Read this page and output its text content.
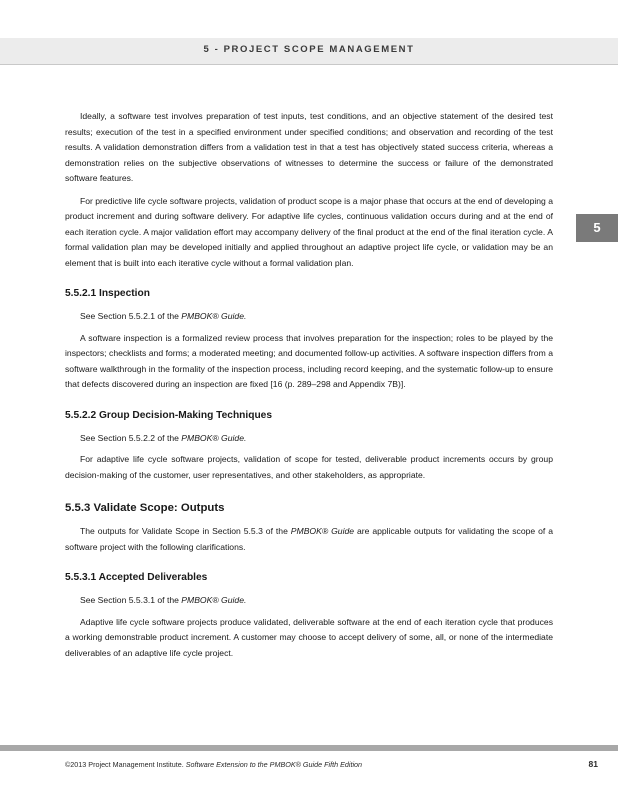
5 - PROJECT SCOPE MANAGEMENT
5

Ideally, a software test involves preparation of test inputs, test conditions, and an objective statement of the desired test results; execution of the test in a specified environment under specified conditions; and observation and recording of the test results. A validation demonstration differs from a validation test in that a test has objectively stated success criteria, whereas a demonstration relies on the subjective observations of witnesses to determine the success or failure of the demonstrated software features.

For predictive life cycle software projects, validation of product scope is a major phase that occurs at the end of developing a product increment and during software delivery. For adaptive life cycles, continuous validation occurs during and at the end of each iteration cycle. A major validation effort may accompany delivery of the final product at the end of the final iteration cycle. A formal validation plan may be developed initially and applied throughout an adaptive project life cycle, or validation may be an element that is built into each iterative cycle without a formal validation plan.

5.5.2.1 Inspection

See Section 5.5.2.1 of the PMBOK® Guide.

A software inspection is a formalized review process that involves preparation for the inspection; roles to be played by the inspectors; checklists and forms; a moderated meeting; and documented follow-up activities. A software inspection differs from a software walkthrough in the formality of the inspection process, including record keeping, and the systematic follow-up to ensure that defects discovered during an inspection are fixed [16 (p. 289–298 and Appendix 7B)].

5.5.2.2 Group Decision-Making Techniques

See Section 5.5.2.2 of the PMBOK® Guide.

For adaptive life cycle software projects, validation of scope for tested, deliverable product increments occurs by group decision-making of the customer, user representatives, and other stakeholders, as appropriate.

5.5.3 Validate Scope: Outputs

The outputs for Validate Scope in Section 5.5.3 of the PMBOK® Guide are applicable outputs for validating the scope of a software project with the following clarifications.

5.5.3.1 Accepted Deliverables

See Section 5.5.3.1 of the PMBOK® Guide.

Adaptive life cycle software projects produce validated, deliverable software at the end of each iteration cycle that produces a working demonstrable product increment. A customer may choose to accept delivery of some, all, or none of the intermediate deliverables of an adaptive life cycle project.

©2013 Project Management Institute. Software Extension to the PMBOK® Guide Fifth Edition	81
